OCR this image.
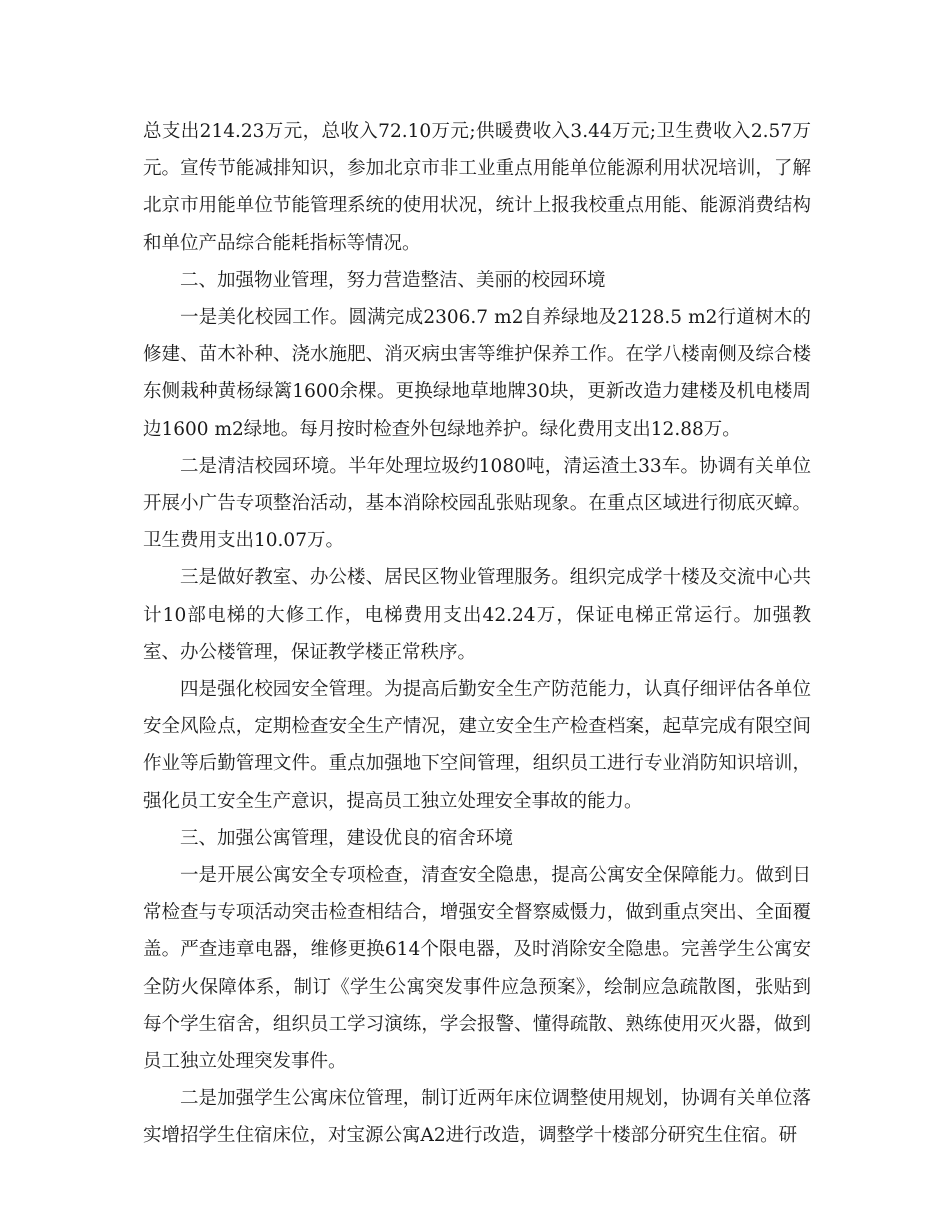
总支出214.23万元，总收入72.10万元;供暖费收入3.44万元;卫生费收入2.57万元。宣传节能减排知识，参加北京市非工业重点用能单位能源利用状况培训，了解北京市用能单位节能管理系统的使用状况，统计上报我校重点用能、能源消费结构和单位产品综合能耗指标等情况。

二、加强物业管理，努力营造整洁、美丽的校园环境

一是美化校园工作。圆满完成2306.7 m2自养绿地及2128.5 m2行道树木的修建、苗木补种、浇水施肥、消灭病虫害等维护保养工作。在学八楼南侧及综合楼东侧栽种黄杨绿篱1600余棵。更换绿地草地牌30块，更新改造力建楼及机电楼周边1600 m2绿地。每月按时检查外包绿地养护。绿化费用支出12.88万。

二是清洁校园环境。半年处理垃圾约1080吨，清运渣土33车。协调有关单位开展小广告专项整治活动，基本消除校园乱张贴现象。在重点区域进行彻底灭蟑。卫生费用支出10.07万。

三是做好教室、办公楼、居民区物业管理服务。组织完成学十楼及交流中心共计10部电梯的大修工作，电梯费用支出42.24万，保证电梯正常运行。加强教室、办公楼管理，保证教学楼正常秩序。

四是强化校园安全管理。为提高后勤安全生产防范能力，认真仔细评估各单位安全风险点，定期检查安全生产情况，建立安全生产检查档案，起草完成有限空间作业等后勤管理文件。重点加强地下空间管理，组织员工进行专业消防知识培训，强化员工安全生产意识，提高员工独立处理安全事故的能力。

三、加强公寓管理，建设优良的宿舍环境

一是开展公寓安全专项检查，清查安全隐患，提高公寓安全保障能力。做到日常检查与专项活动突击检查相结合，增强安全督察威慑力，做到重点突出、全面覆盖。严查违章电器，维修更换614个限电器，及时消除安全隐患。完善学生公寓安全防火保障体系，制订《学生公寓突发事件应急预案》，绘制应急疏散图，张贴到每个学生宿舍，组织员工学习演练，学会报警、懂得疏散、熟练使用灭火器，做到员工独立处理突发事件。

二是加强学生公寓床位管理，制订近两年床位调整使用规划，协调有关单位落实增招学生住宿床位，对宝源公寓A2进行改造，调整学十楼部分研究生住宿。研
